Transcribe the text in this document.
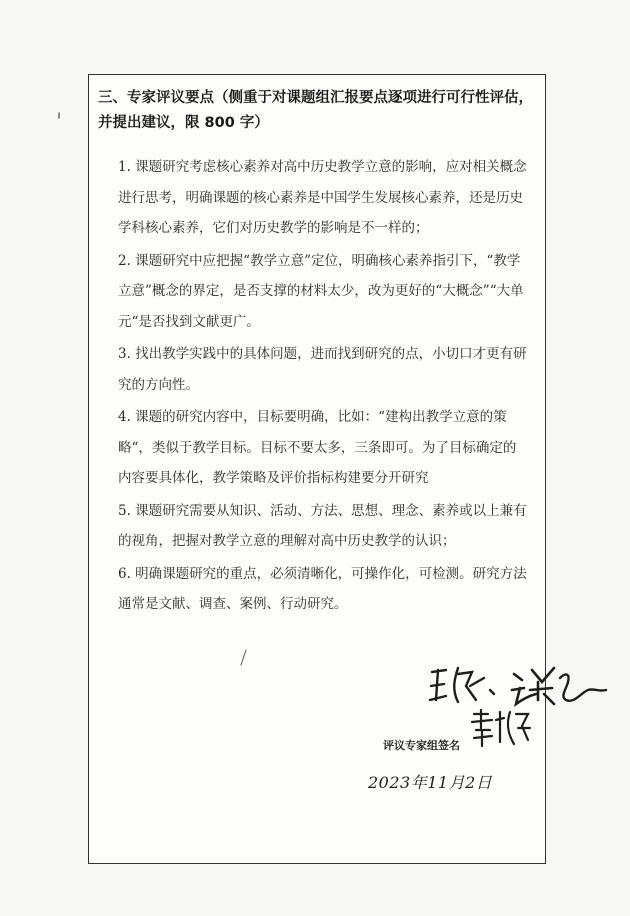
三、专家评议要点（侧重于对课题组汇报要点逐项进行可行性评估，并提出建议，限 800 字）

1. 课题研究考虑核心素养对高中历史教学立意的影响，应对相关概念进行思考，明确课题的核心素养是中国学生发展核心素养，还是历史学科核心素养，它们对历史教学的影响是不一样的；

2. 课题研究中应把握“教学立意”定位，明确核心素养指引下，“教学立意”概念的界定，是否支撑的材料太少，改为更好的“大概念”“大单元“是否找到文献更广。

3. 找出教学实践中的具体问题，进而找到研究的点，小切口才更有研究的方向性。

4. 课题的研究内容中，目标要明确，比如：“建构出教学立意的策略“，类似于教学目标。目标不要太多，三条即可。为了目标确定的内容要具体化，教学策略及评价指标构建要分开研究

5. 课题研究需要从知识、活动、方法、思想、理念、素养或以上兼有的视角，把握对教学立意的理解对高中历史教学的认识；

6. 明确课题研究的重点，必须清晰化，可操作化，可检测。研究方法通常是文献、调查、案例、行动研究。

评议专家组签名
2023年11月2日
